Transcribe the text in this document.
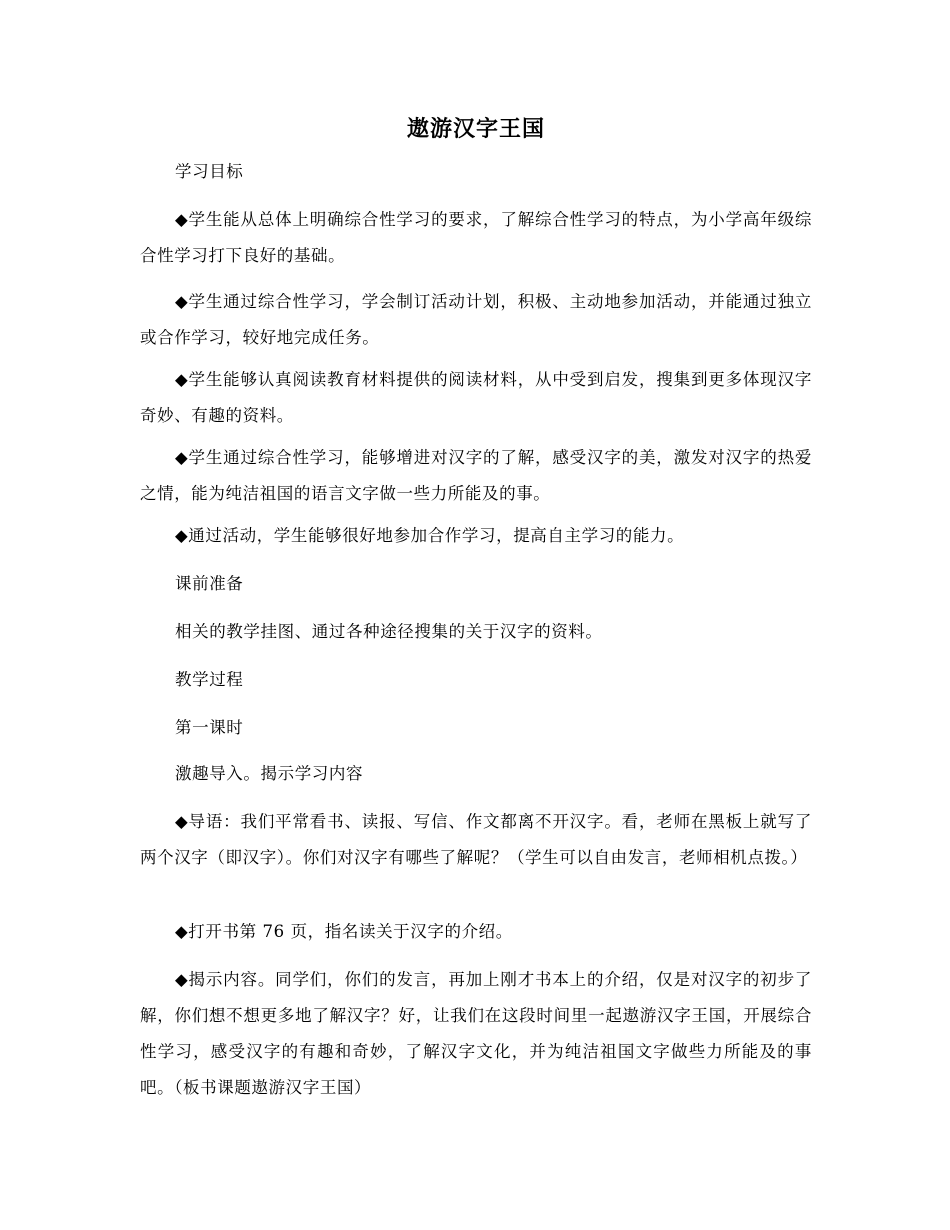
遨游汉字王国

学习目标

◆学生能从总体上明确综合性学习的要求，了解综合性学习的特点，为小学高年级综合性学习打下良好的基础。

◆学生通过综合性学习，学会制订活动计划，积极、主动地参加活动，并能通过独立或合作学习，较好地完成任务。

◆学生能够认真阅读教育材料提供的阅读材料，从中受到启发，搜集到更多体现汉字奇妙、有趣的资料。

◆学生通过综合性学习，能够增进对汉字的了解，感受汉字的美，激发对汉字的热爱之情，能为纯洁祖国的语言文字做一些力所能及的事。

◆通过活动，学生能够很好地参加合作学习，提高自主学习的能力。

课前准备

相关的教学挂图、通过各种途径搜集的关于汉字的资料。

教学过程

第一课时

激趣导入。揭示学习内容

◆导语：我们平常看书、读报、写信、作文都离不开汉字。看，老师在黑板上就写了两个汉字（即汉字）。你们对汉字有哪些了解呢？（学生可以自由发言，老师相机点拨。）

◆打开书第 76 页，指名读关于汉字的介绍。

◆揭示内容。同学们，你们的发言，再加上刚才书本上的介绍，仅是对汉字的初步了解，你们想不想更多地了解汉字？好，让我们在这段时间里一起遨游汉字王国，开展综合性学习，感受汉字的有趣和奇妙，了解汉字文化，并为纯洁祖国文字做些力所能及的事吧。（板书课题遨游汉字王国）
